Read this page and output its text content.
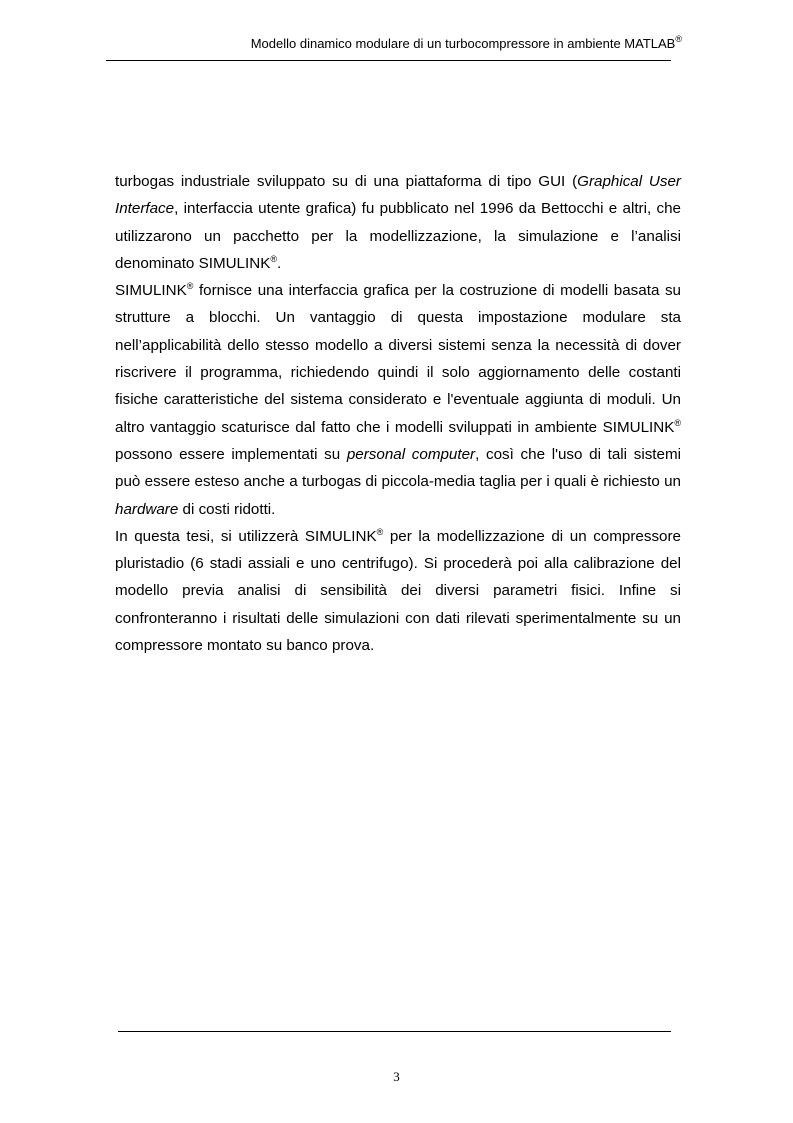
Modello dinamico modulare di un turbocompressore in ambiente MATLAB®

turbogas industriale sviluppato su di una piattaforma di tipo GUI (Graphical User Interface, interfaccia utente grafica) fu pubblicato nel 1996 da Bettocchi e altri, che utilizzarono un pacchetto per la modellizzazione, la simulazione e l’analisi denominato SIMULINK®.

SIMULINK® fornisce una interfaccia grafica per la costruzione di modelli basata su strutture a blocchi. Un vantaggio di questa impostazione modulare sta nell’applicabilità dello stesso modello a diversi sistemi senza la necessità di dover riscrivere il programma, richiedendo quindi il solo aggiornamento delle costanti fisiche caratteristiche del sistema considerato e l'eventuale aggiunta di moduli. Un altro vantaggio scaturisce dal fatto che i modelli sviluppati in ambiente SIMULINK® possono essere implementati su personal computer, così che l'uso di tali sistemi può essere esteso anche a turbogas di piccola-media taglia per i quali è richiesto un hardware di costi ridotti.

In questa tesi, si utilizzerà SIMULINK® per la modellizzazione di un compressore pluristadio (6 stadi assiali e uno centrifugo). Si procederà poi alla calibrazione del modello previa analisi di sensibilità dei diversi parametri fisici. Infine si confronteranno i risultati delle simulazioni con dati rilevati sperimentalmente su un compressore montato su banco prova.

3
